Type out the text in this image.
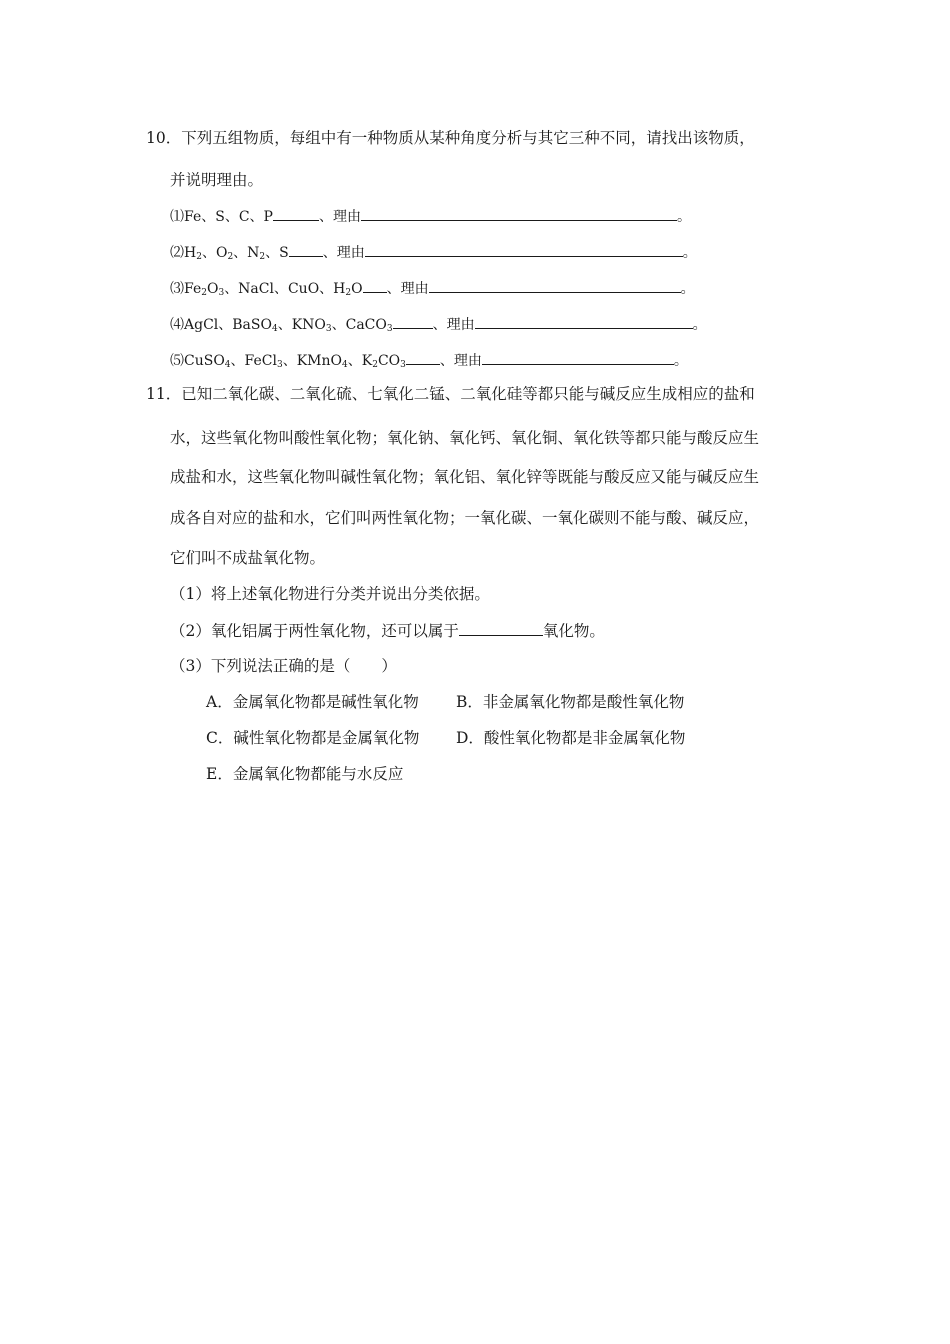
10．下列五组物质，每组中有一种物质从某种角度分析与其它三种不同，请找出该物质，
并说明理由。
⑴Fe、S、C、P	、理由	。
$⑵H_2$、$O_2$、$N_2$、S 、理由	。
$⑶Fe_2O_3$、NaCl、CuO、$H_2O$ 、理由	。
⑷AgCl、BaSO$_4$、$KNO_3$、CaCO$_3$	、理由	。
⑸CuSO$_4$、FeCl$_3$、KMnO$_4$、$K_2CO_3$ 、理由	。
11．已知二氧化碳、二氧化硫、七氧化二锰、二氧化硅等都只能与碱反应生成相应的盐和
水，这些氧化物叫酸性氧化物；氧化钠、氧化钙、氧化铜、氧化铁等都只能与酸反应生
成盐和水，这些氧化物叫碱性氧化物；氧化铝、氧化锌等既能与酸反应又能与碱反应生
成各自对应的盐和水，它们叫两性氧化物；一氧化碳、一氧化碳则不能与酸、碱反应，
它们叫不成盐氧化物。
（1）将上述氧化物进行分类并说出分类依据。
（2）氧化铝属于两性氧化物，还可以属于	氧化物。
（3）下列说法正确的是（　　）
A．金属氧化物都是碱性氧化物 B．非金属氧化物都是酸性氧化物
C．碱性氧化物都是金属氧化物 D．酸性氧化物都是非金属氧化物
E．金属氧化物都能与水反应
